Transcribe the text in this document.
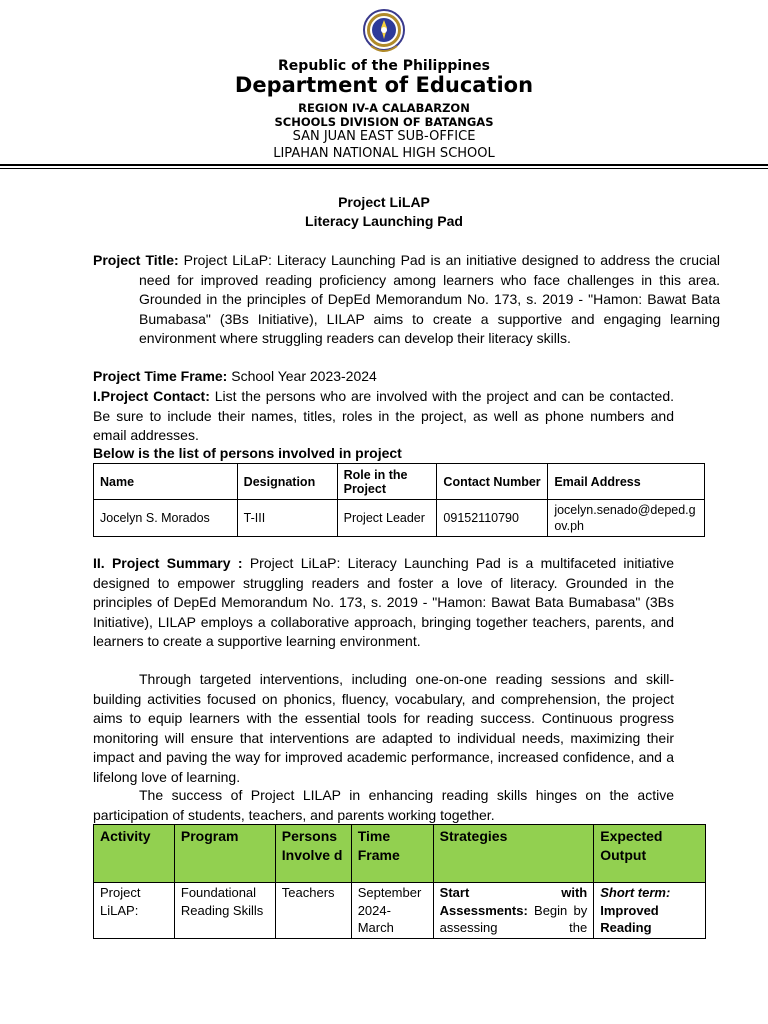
Republic of the Philippines
Department of Education
REGION IV-A CALABARZON
SCHOOLS DIVISION OF BATANGAS
SAN JUAN EAST SUB-OFFICE
LIPAHAN NATIONAL HIGH SCHOOL
Project LiLAP
Literacy Launching Pad
Project Title: Project LiLaP: Literacy Launching Pad is an initiative designed to address the crucial need for improved reading proficiency among learners who face challenges in this area. Grounded in the principles of DepEd Memorandum No. 173, s. 2019 - "Hamon: Bawat Bata Bumabasa" (3Bs Initiative), LILAP aims to create a supportive and engaging learning environment where struggling readers can develop their literacy skills.
Project Time Frame: School Year 2023-2024
I.Project Contact: List the persons who are involved with the project and can be contacted. Be sure to include their names, titles, roles in the project, as well as phone numbers and email addresses.
Below is the list of persons involved in project
Name	Designation	Role in the Project	Contact Number	Email Address
Jocelyn S. Morados	T-III	Project Leader	09152110790	jocelyn.senado@deped.gov.ph
II. Project Summary : Project LiLaP: Literacy Launching Pad is a multifaceted initiative designed to empower struggling readers and foster a love of literacy. Grounded in the principles of DepEd Memorandum No. 173, s. 2019 - "Hamon: Bawat Bata Bumabasa" (3Bs Initiative), LILAP employs a collaborative approach, bringing together teachers, parents, and learners to create a supportive learning environment.
Through targeted interventions, including one-on-one reading sessions and skill-building activities focused on phonics, fluency, vocabulary, and comprehension, the project aims to equip learners with the essential tools for reading success. Continuous progress monitoring will ensure that interventions are adapted to individual needs, maximizing their impact and paving the way for improved academic performance, increased confidence, and a lifelong love of learning.
The success of Project LILAP in enhancing reading skills hinges on the active participation of students, teachers, and parents working together.
Activity	Program	Persons Involve d	Time Frame	Strategies	Expected Output
Project LiLAP:	Foundational Reading Skills	Teachers	September 2024- March	Start with Assessments: Begin by assessing the	Short term:
Improved Reading
